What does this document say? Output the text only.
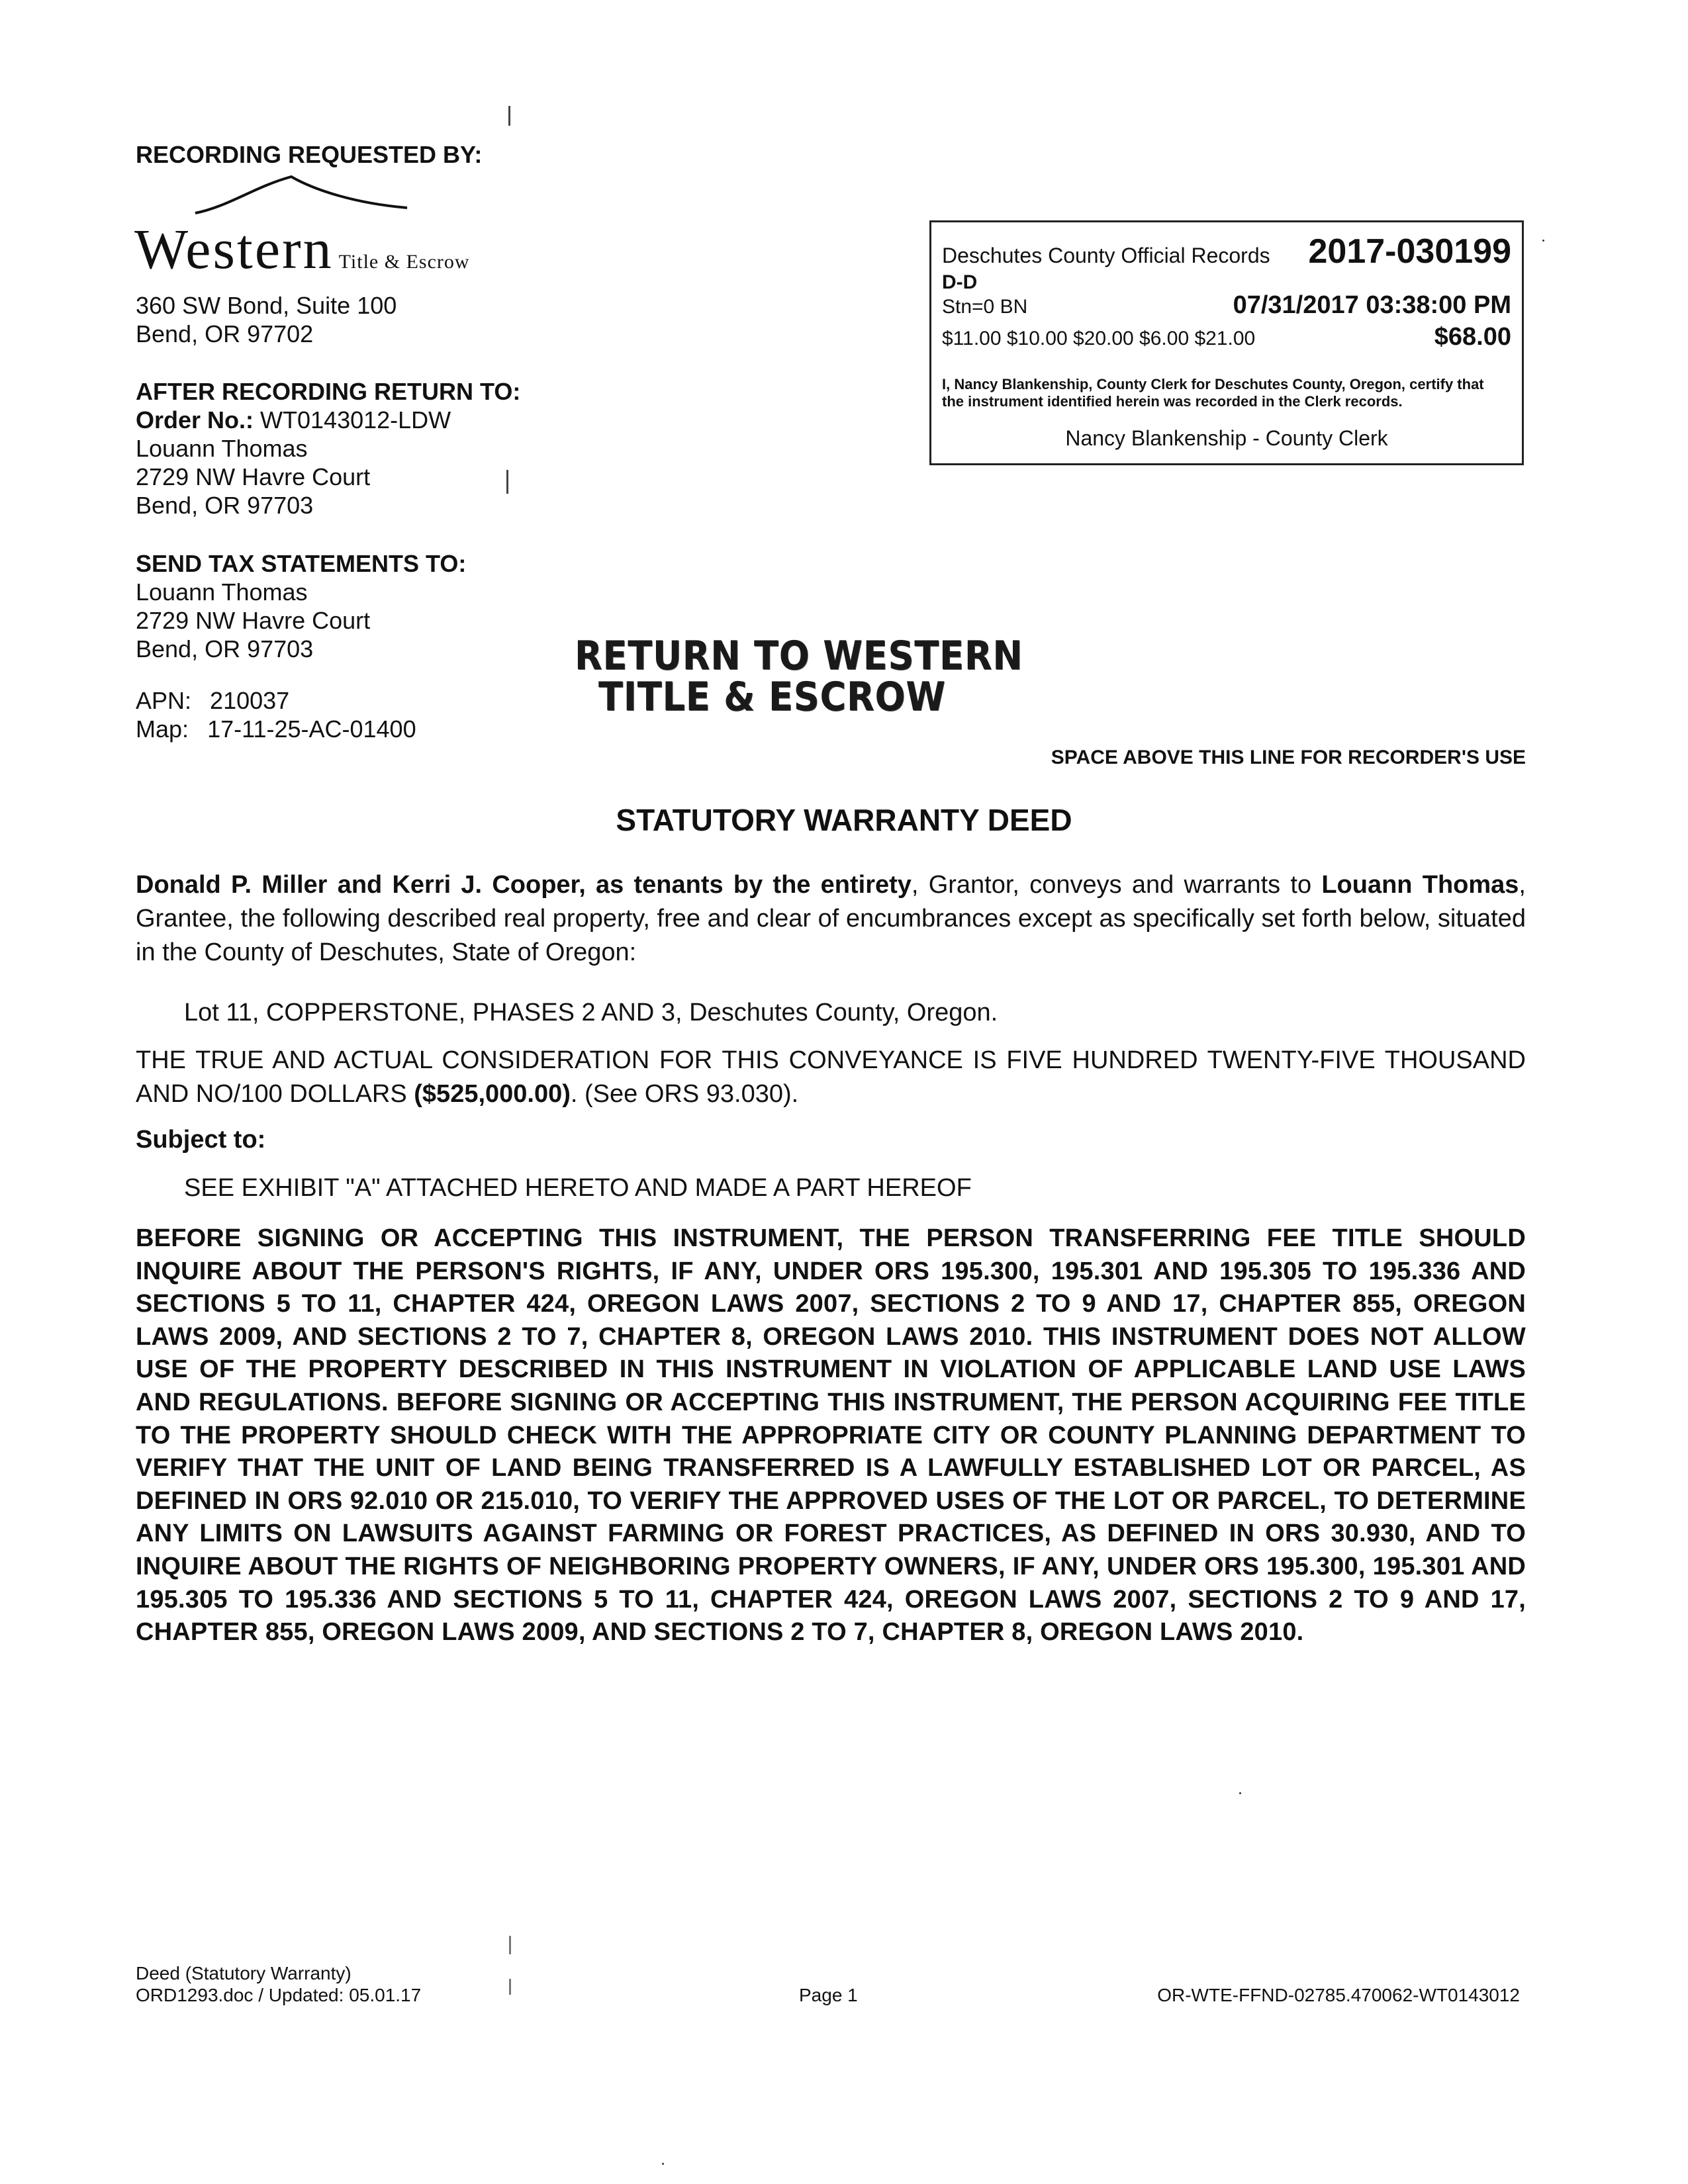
RECORDING REQUESTED BY:
Western Title & Escrow
360 SW Bond, Suite 100
Bend, OR 97702
AFTER RECORDING RETURN TO:
Order No.: WT0143012-LDW
Louann Thomas
2729 NW Havre Court
Bend, OR 97703
SEND TAX STATEMENTS TO:
Louann Thomas
2729 NW Havre Court
Bend, OR 97703
APN: 210037
Map: 17-11-25-AC-01400
Deschutes County Official Records 2017-030199
D-D
Stn=0 BN	07/31/2017 03:38:00 PM
$11.00 $10.00 $20.00 $6.00 $21.00	$68.00
I, Nancy Blankenship, County Clerk for Deschutes County, Oregon, certify that the instrument identified herein was recorded in the Clerk records.
Nancy Blankenship - County Clerk
RETURN TO WESTERN
TITLE & ESCROW
SPACE ABOVE THIS LINE FOR RECORDER'S USE
STATUTORY WARRANTY DEED
Donald P. Miller and Kerri J. Cooper, as tenants by the entirety, Grantor, conveys and warrants to Louann Thomas, Grantee, the following described real property, free and clear of encumbrances except as specifically set forth below, situated in the County of Deschutes, State of Oregon:
Lot 11, COPPERSTONE, PHASES 2 AND 3, Deschutes County, Oregon.
THE TRUE AND ACTUAL CONSIDERATION FOR THIS CONVEYANCE IS FIVE HUNDRED TWENTY-FIVE THOUSAND AND NO/100 DOLLARS ($525,000.00). (See ORS 93.030).
Subject to:
SEE EXHIBIT "A" ATTACHED HERETO AND MADE A PART HEREOF
BEFORE SIGNING OR ACCEPTING THIS INSTRUMENT, THE PERSON TRANSFERRING FEE TITLE SHOULD INQUIRE ABOUT THE PERSON'S RIGHTS, IF ANY, UNDER ORS 195.300, 195.301 AND 195.305 TO 195.336 AND SECTIONS 5 TO 11, CHAPTER 424, OREGON LAWS 2007, SECTIONS 2 TO 9 AND 17, CHAPTER 855, OREGON LAWS 2009, AND SECTIONS 2 TO 7, CHAPTER 8, OREGON LAWS 2010. THIS INSTRUMENT DOES NOT ALLOW USE OF THE PROPERTY DESCRIBED IN THIS INSTRUMENT IN VIOLATION OF APPLICABLE LAND USE LAWS AND REGULATIONS. BEFORE SIGNING OR ACCEPTING THIS INSTRUMENT, THE PERSON ACQUIRING FEE TITLE TO THE PROPERTY SHOULD CHECK WITH THE APPROPRIATE CITY OR COUNTY PLANNING DEPARTMENT TO VERIFY THAT THE UNIT OF LAND BEING TRANSFERRED IS A LAWFULLY ESTABLISHED LOT OR PARCEL, AS DEFINED IN ORS 92.010 OR 215.010, TO VERIFY THE APPROVED USES OF THE LOT OR PARCEL, TO DETERMINE ANY LIMITS ON LAWSUITS AGAINST FARMING OR FOREST PRACTICES, AS DEFINED IN ORS 30.930, AND TO INQUIRE ABOUT THE RIGHTS OF NEIGHBORING PROPERTY OWNERS, IF ANY, UNDER ORS 195.300, 195.301 AND 195.305 TO 195.336 AND SECTIONS 5 TO 11, CHAPTER 424, OREGON LAWS 2007, SECTIONS 2 TO 9 AND 17, CHAPTER 855, OREGON LAWS 2009, AND SECTIONS 2 TO 7, CHAPTER 8, OREGON LAWS 2010.
Deed (Statutory Warranty)
ORD1293.doc / Updated: 05.01.17	Page 1	OR-WTE-FFND-02785.470062-WT0143012
